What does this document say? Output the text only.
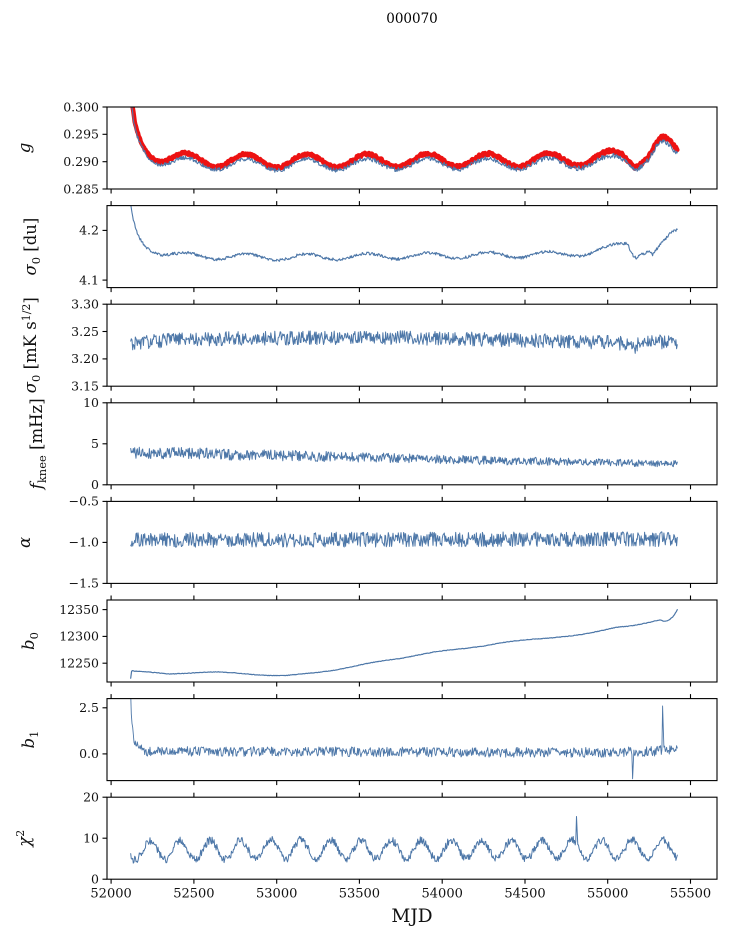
0.285
0.290
0.295
0.300
g
4.1
4.2
$\sigma_0$ [du]
3.15
3.20
3.25
3.30
$\sigma_0$ [mK $s^{1/2}$]
0
5
10
$f_{knee}$ [mHz]
−0.5
−1.0
−1.5
α
12250
12300
12350
$b_0$
0.0
2.5
$b_1$
0
10
20
$\chi^2$
52000	52500	53000	53500	54000	54500	55000	55500
MJD
000070
